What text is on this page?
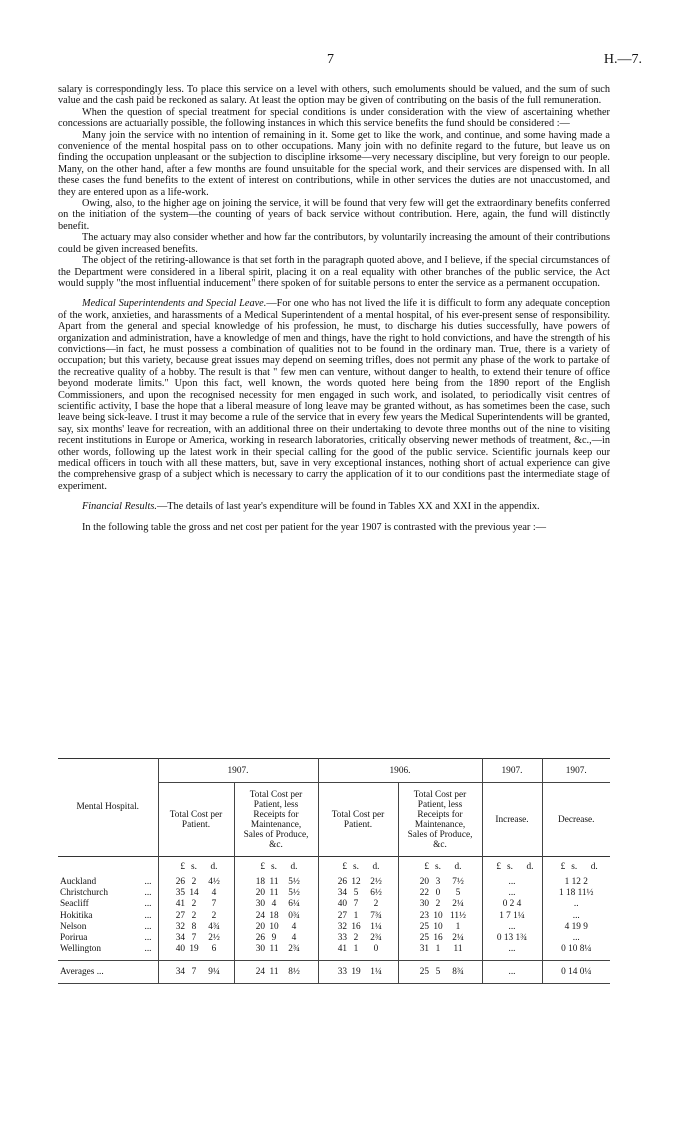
7	H.—7.

salary is correspondingly less. To place this service on a level with others, such emoluments should be valued, and the sum of such value and the cash paid be reckoned as salary. At least the option may be given of contributing on the basis of the full remuneration.

When the question of special treatment for special conditions is under consideration with the view of ascertaining whether concessions are actuarially possible, the following instances in which this service benefits the fund should be considered :—

Many join the service with no intention of remaining in it. Some get to like the work, and continue, and some having made a convenience of the mental hospital pass on to other occupations. Many join with no definite regard to the future, but leave us on finding the occupation unpleasant or the subjection to discipline irksome—very necessary discipline, but very foreign to our people. Many, on the other hand, after a few months are found unsuitable for the special work, and their services are dispensed with. In all these cases the fund benefits to the extent of interest on contributions, while in other services the duties are not unaccustomed, and they are entered upon as a life-work.

Owing, also, to the higher age on joining the service, it will be found that very few will get the extraordinary benefits conferred on the initiation of the system—the counting of years of back service without contribution. Here, again, the fund will distinctly benefit.

The actuary may also consider whether and how far the contributors, by voluntarily increasing the amount of their contributions could be given increased benefits.

The object of the retiring-allowance is that set forth in the paragraph quoted above, and I believe, if the special circumstances of the Department were considered in a liberal spirit, placing it on a real equality with other branches of the public service, the Act would supply "the most influential inducement" there spoken of for suitable persons to enter the service as a permanent occupation.

Medical Superintendents and Special Leave.—For one who has not lived the life it is difficult to form any adequate conception of the work, anxieties, and harassments of a Medical Superintendent of a mental hospital, of his ever-present sense of responsibility. Apart from the general and special knowledge of his profession, he must, to discharge his duties successfully, have powers of organization and administration, have a knowledge of men and things, have the right to hold convictions, and have the strength of his convictions—in fact, he must possess a combination of qualities not to be found in the ordinary man. True, there is a variety of occupation; but this variety, because great issues may depend on seeming trifles, does not permit any phase of the work to partake of the recreative quality of a hobby. The result is that " few men can venture, without danger to health, to extend their tenure of office beyond moderate limits." Upon this fact, well known, the words quoted here being from the 1890 report of the English Commissioners, and upon the recognised necessity for men engaged in such work, and isolated, to periodically visit centres of scientific activity, I base the hope that a liberal measure of long leave may be granted without, as has sometimes been the case, such leave being sick-leave. I trust it may become a rule of the service that in every few years the Medical Superintendents will be granted, say, six months' leave for recreation, with an additional three on their undertaking to devote three months out of the nine to visiting recent institutions in Europe or America, working in research laboratories, critically observing newer methods of treatment, &c.,—in other words, following up the latest work in their special calling for the good of the public service. Scientific journals keep our medical officers in touch with all these matters, but, save in very exceptional instances, nothing short of actual experience can give the comprehensive grasp of a subject which is necessary to carry the application of it to our conditions past the intermediate stage of experiment.

Financial Results.—The details of last year's expenditure will be found in Tables XX and XXI in the appendix.

In the following table the gross and net cost per patient for the year 1907 is contrasted with the previous year :—

Mental Hospital.	1907.		1906.		1907.	1907.
	Total Cost per Patient.	Total Cost per Patient, less Receipts for Maintenance, Sales of Produce, &c.	Total Cost per Patient.	Total Cost per Patient, less Receipts for Maintenance, Sales of Produce, &c.	Increase.	Decrease.

	£ s. d.	£ s. d.	£ s. d.	£ s. d.	£ s. d.	£ s. d.

Auckland ...	26 2 4½	18 11 5½	26 12 2½	20 3 7½	...	1 12 2

Christchurch ...	35 14 4	20 11 5½	34 5 6½	22 0 5	...	1 18 11½

Seacliff ...	41 2 7	30 4 6¼	40 7 2	30 2 2¼	0 2 4	..

Hokitika ...	27 2 2	24 18 0¾	27 1 7¾	23 10 11½	1 7 1¼	...

Nelson ...	32 8 4¾	20 10 4	32 16 1¼	25 10 1	...	4 19 9

Porirua ...	34 7 2½	26 9 4	33 2 2¾	25 16 2¼	0 13 1¾	...

Wellington ...	40 19 6	30 11 2¾	41 1 0	31 1 11	...	0 10 8¼

Averages ...	34 7 9¼	24 11 8½	33 19 1¼	25 5 8¾	...	0 14 0¼
